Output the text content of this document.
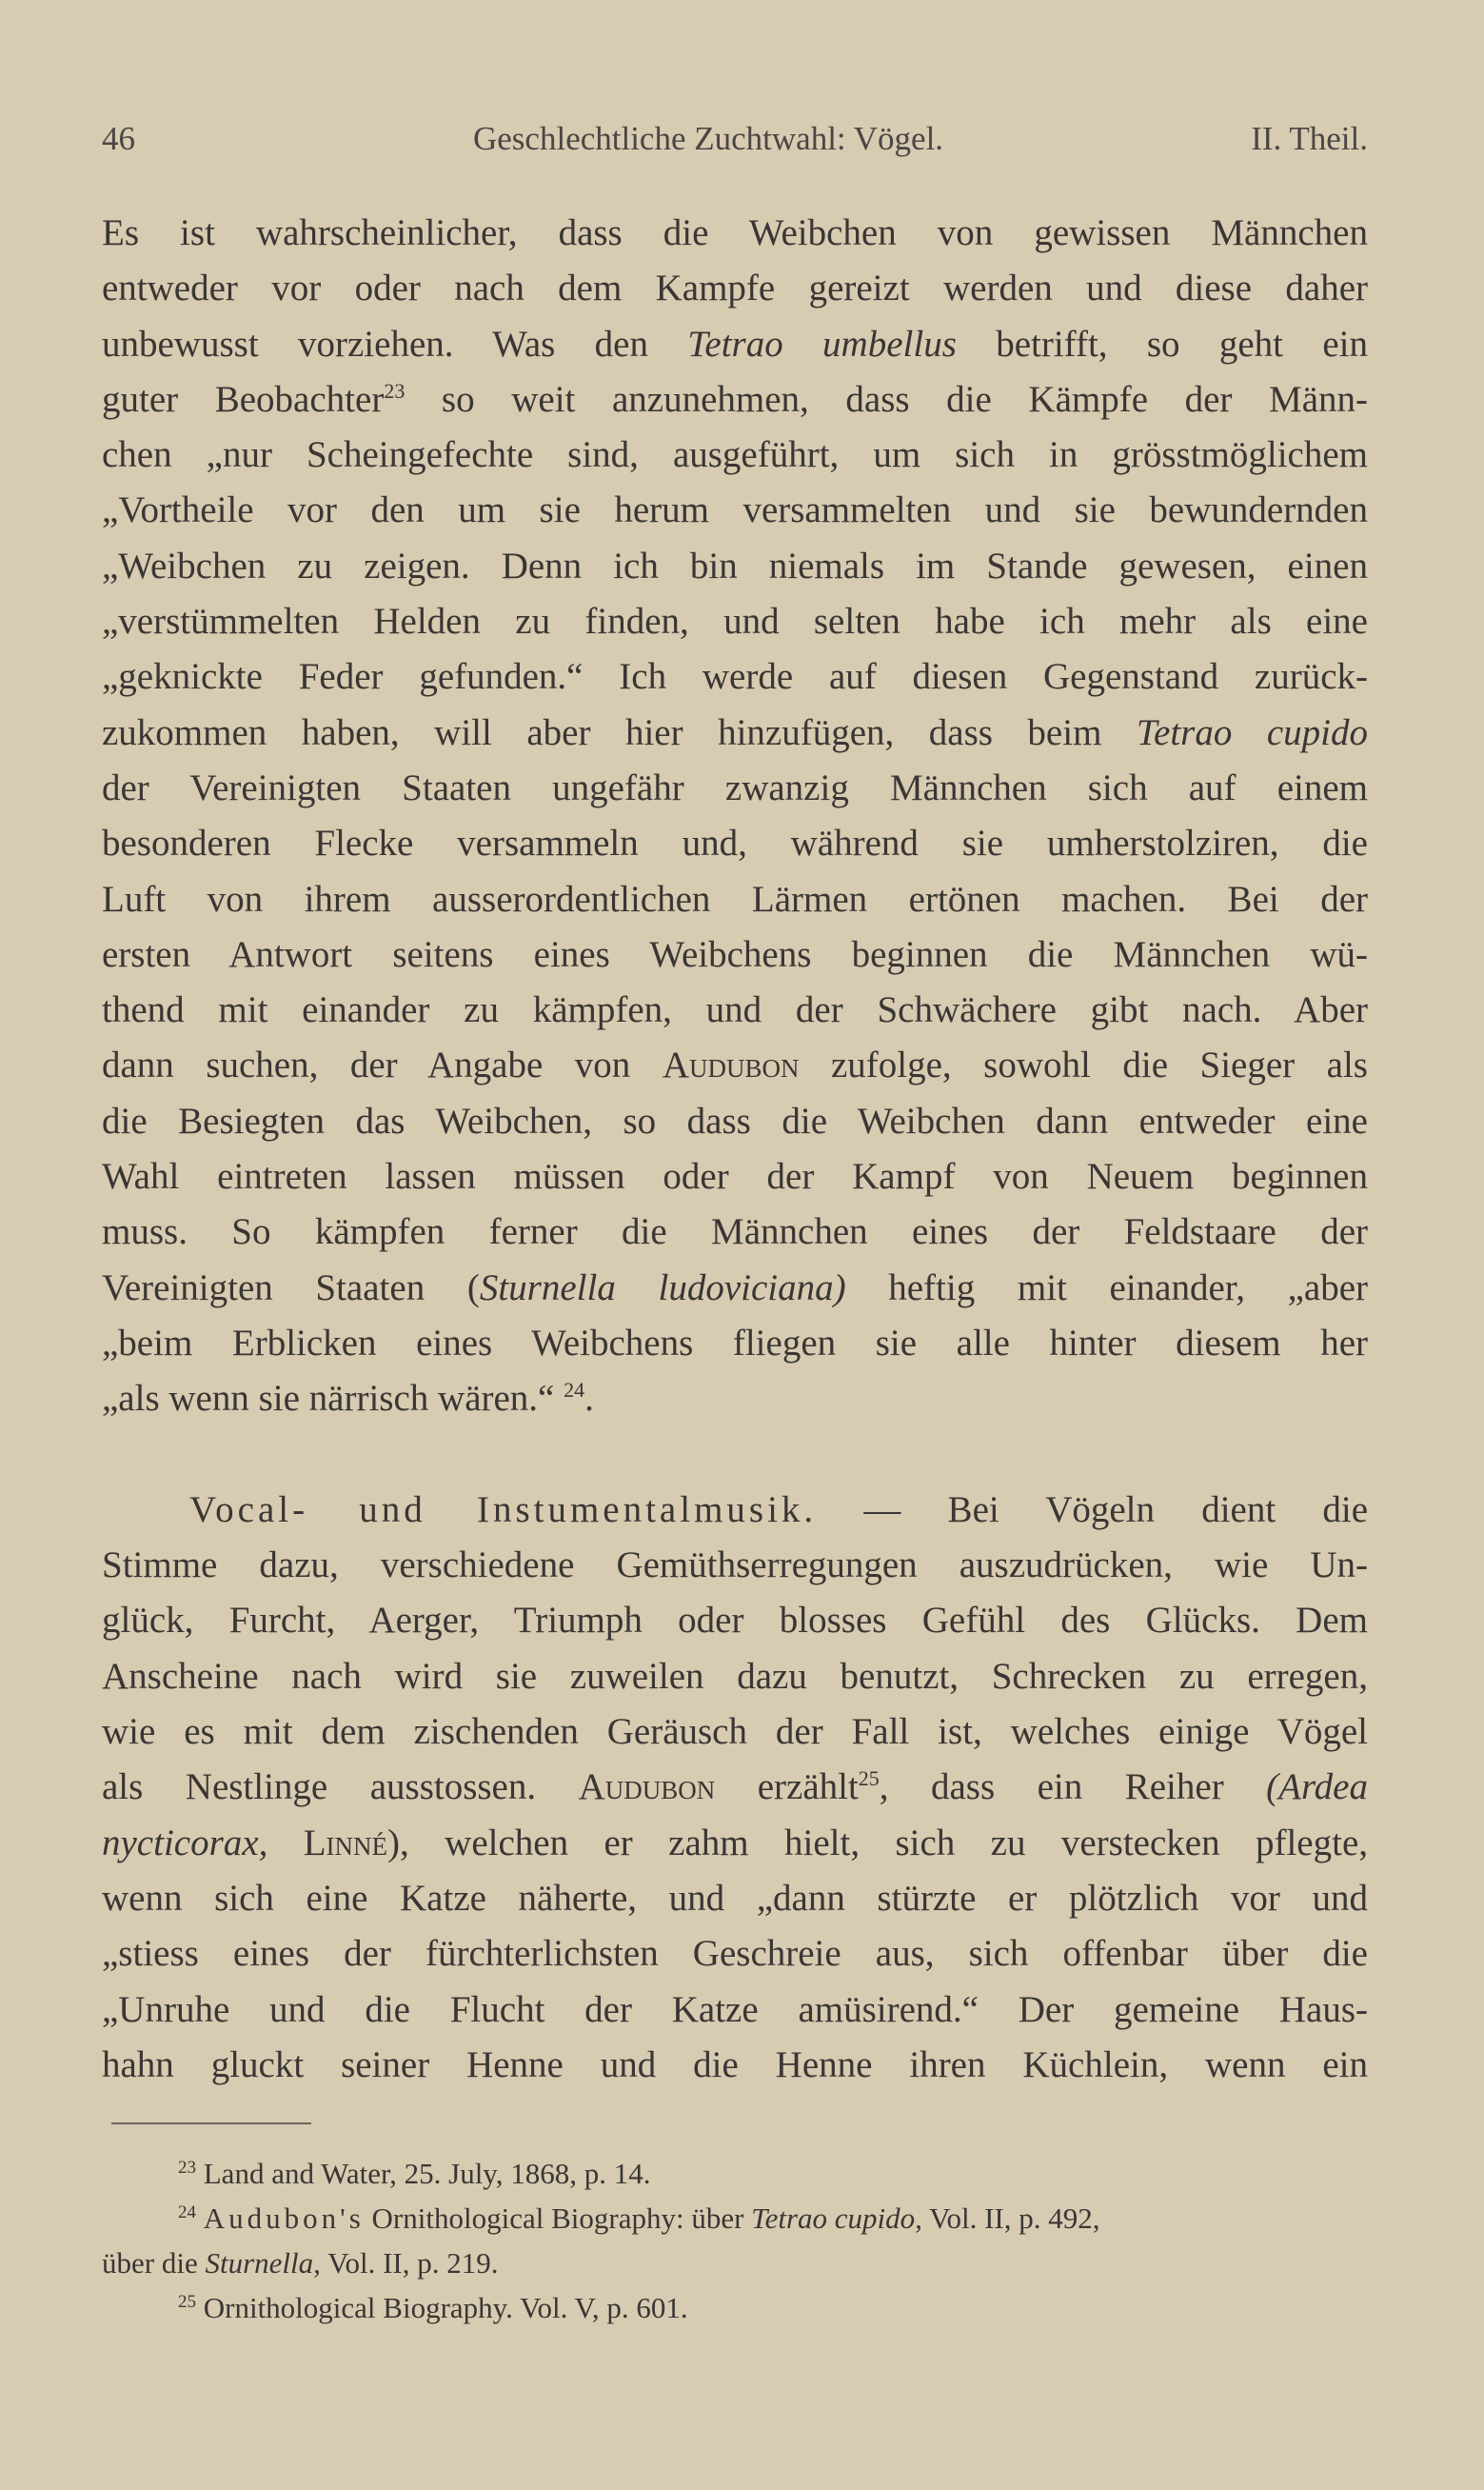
46	Geschlechtliche Zuchtwahl: Vögel.	II. Theil.
Es ist wahrscheinlicher, dass die Weibchen von gewissen Männchen
entweder vor oder nach dem Kampfe gereizt werden und diese daher
unbewusst vorziehen. Was den Tetrao umbellus betrifft, so geht ein
guter Beobachter$^{23}$ so weit anzunehmen, dass die Kämpfe der Männ-
chen „nur Scheingefechte sind, ausgeführt, um sich in grösstmöglichem
„Vortheile vor den um sie herum versammelten und sie bewundernden
„Weibchen zu zeigen. Denn ich bin niemals im Stande gewesen, einen
„verstümmelten Helden zu finden, und selten habe ich mehr als eine
„geknickte Feder gefunden.“ Ich werde auf diesen Gegenstand zurück-
zukommen haben, will aber hier hinzufügen, dass beim Tetrao cupido
der Vereinigten Staaten ungefähr zwanzig Männchen sich auf einem
besonderen Flecke versammeln und, während sie umherstolziren, die
Luft von ihrem ausserordentlichen Lärmen ertönen machen. Bei der
ersten Antwort seitens eines Weibchens beginnen die Männchen wü-
thend mit einander zu kämpfen, und der Schwächere gibt nach. Aber
dann suchen, der Angabe von Audubon zufolge, sowohl die Sieger als
die Besiegten das Weibchen, so dass die Weibchen dann entweder eine
Wahl eintreten lassen müssen oder der Kampf von Neuem beginnen
muss. So kämpfen ferner die Männchen eines der Feldstaare der
Vereinigten Staaten (Sturnella ludoviciana) heftig mit einander, „aber
„beim Erblicken eines Weibchens fliegen sie alle hinter diesem her
„als wenn sie närrisch wären.“ $^{24}$.
Vocal- und Instumentalmusik. — Bei Vögeln dient die
Stimme dazu, verschiedene Gemüthserregungen auszudrücken, wie Un-
glück, Furcht, Aerger, Triumph oder blosses Gefühl des Glücks. Dem
Anscheine nach wird sie zuweilen dazu benutzt, Schrecken zu erregen,
wie es mit dem zischenden Geräusch der Fall ist, welches einige Vögel
als Nestlinge ausstossen. Audubon erzählt$^{25}$, dass ein Reiher (Ardea
nycticorax, Linné), welchen er zahm hielt, sich zu verstecken pflegte,
wenn sich eine Katze näherte, und „dann stürzte er plötzlich vor und
„stiess eines der fürchterlichsten Geschreie aus, sich offenbar über die
„Unruhe und die Flucht der Katze amüsirend.“ Der gemeine Haus-
hahn gluckt seiner Henne und die Henne ihren Küchlein, wenn ein
$^{23}$ Land and Water, 25. July, 1868, p. 14.
$^{24}$ Audubon's Ornithological Biography: über Tetrao cupido, Vol. II, p. 492,
über die Sturnella, Vol. II, p. 219.
$^{25}$ Ornithological Biography. Vol. V, p. 601.
